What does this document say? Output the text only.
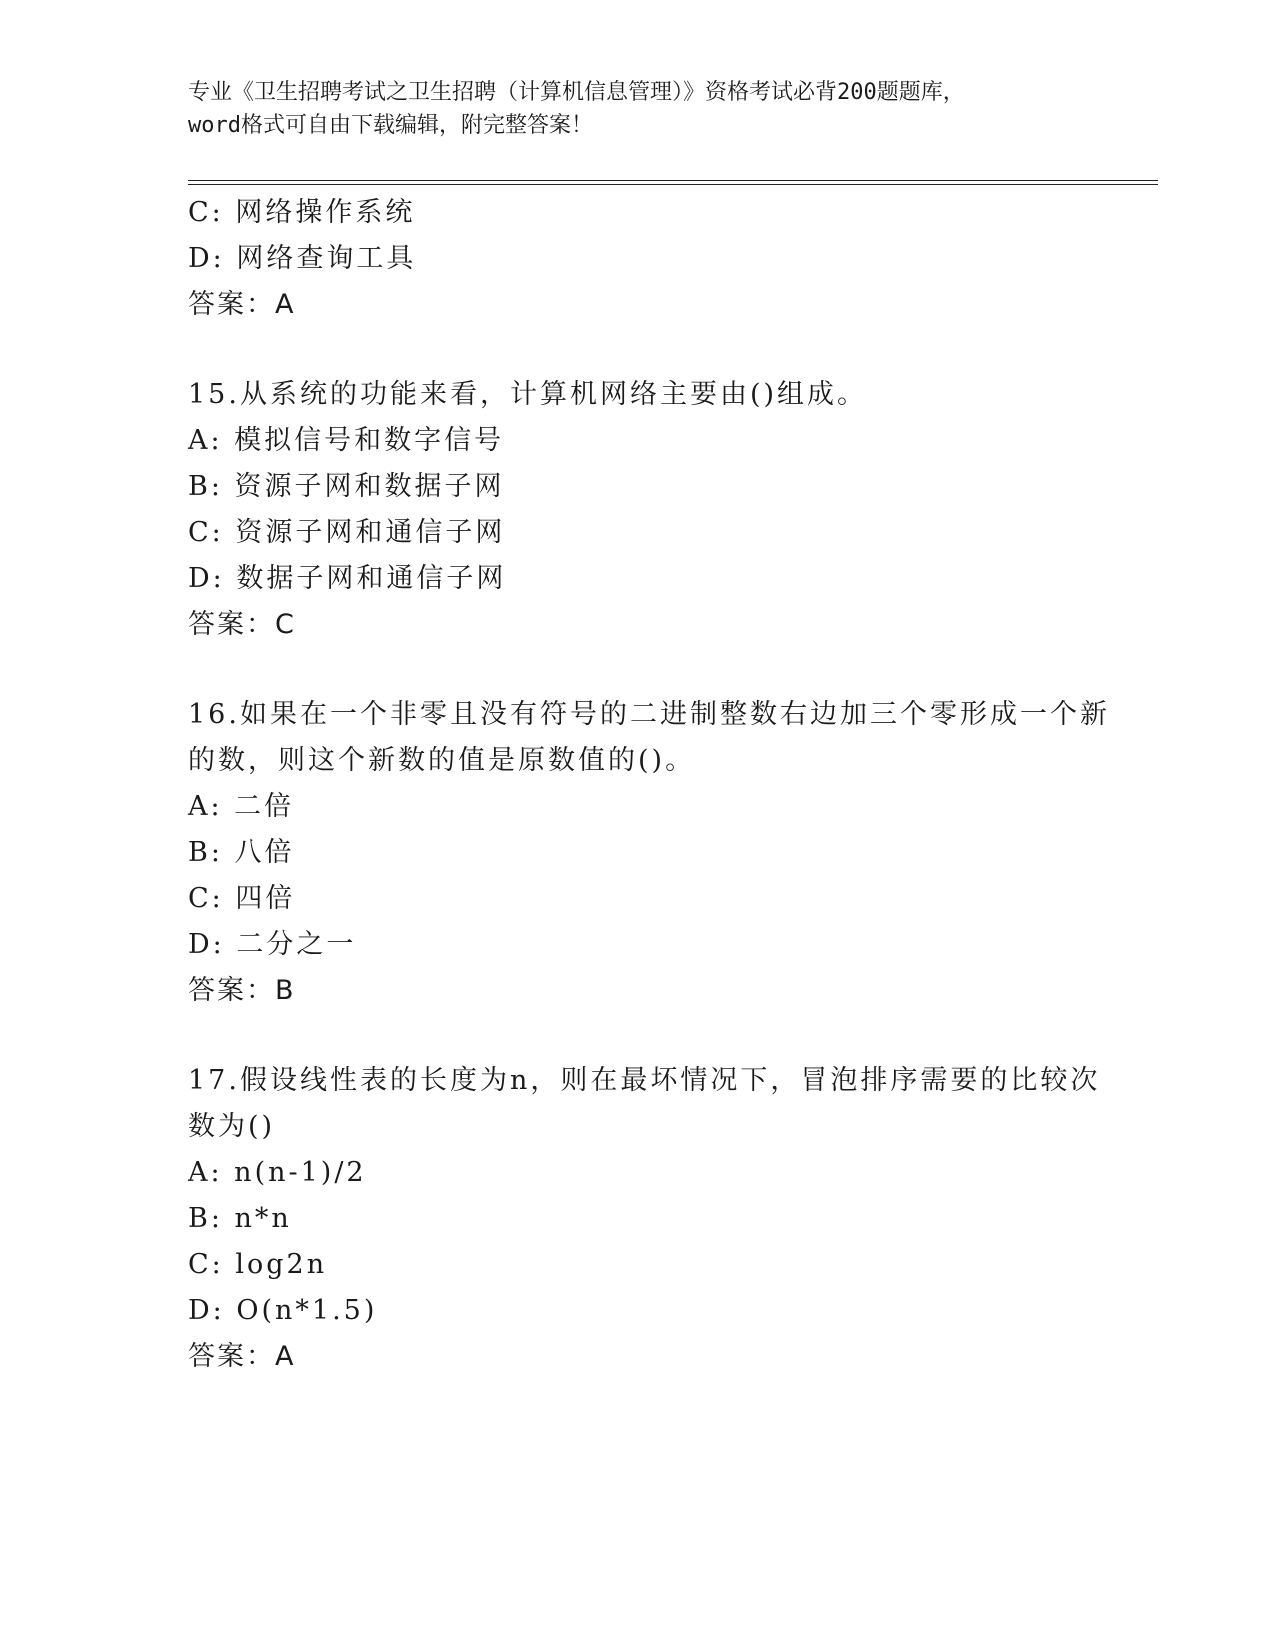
专业《卫生招聘考试之卫生招聘（计算机信息管理）》资格考试必背200题题库，
word格式可自由下载编辑，附完整答案！
C: 网络操作系统
D: 网络查询工具
答案：A
15.从系统的功能来看，计算机网络主要由()组成。
A: 模拟信号和数字信号
B: 资源子网和数据子网
C: 资源子网和通信子网
D: 数据子网和通信子网
答案：C
16.如果在一个非零且没有符号的二进制整数右边加三个零形成一个新
的数，则这个新数的值是原数值的()。
A: 二倍
B: 八倍
C: 四倍
D: 二分之一
答案：B
17.假设线性表的长度为n，则在最坏情况下，冒泡排序需要的比较次
数为()
A: n(n-1)/2
B: n*n
C: log2n
D: O(n*1.5)
答案：A
